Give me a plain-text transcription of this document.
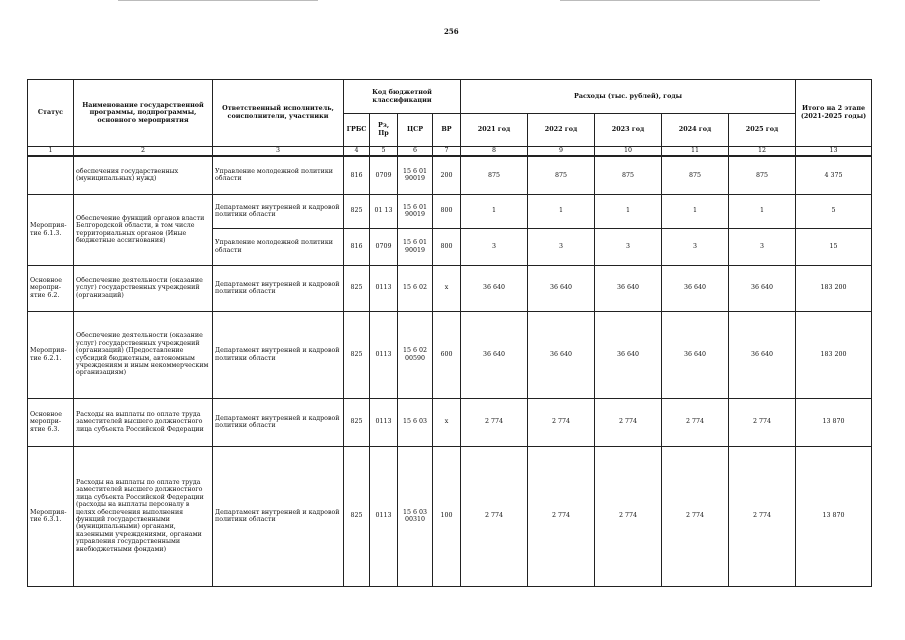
256
Статус	Наименование государственной программы, подпрограммы, основного мероприятия	Ответственный исполнитель, соисполнители, участники	Код бюджетной классификации				Расходы (тыс. рублей), годы					Итого на 2 этапе (2021-2025 годы)
			ГРБС	Рз, Пр	ЦСР	ВР	2021 год	2022 год	2023 год	2024 год	2025 год	
1	2	3	4	5	6	7	8	9	10	11	12	13
	обеспечения государственных (муниципальных) нужд)	Управление молодежной политики области	816	0709	15 6 01 90019	200	875	875	875	875	875	4 375
Мероприя-тие 6.1.3.	Обеспечение функций органов власти Белгородской области, в том числе территориальных органов (Иные бюджетные ассигнования)	Департамент внутренней и кадровой политики области	825	01 13	15 6 01 90019	800	1	1	1	1	1	5
		Управление молодежной политики области	816	0709	15 6 01 90019	800	3	3	3	3	3	15
Основное меропри-ятие 6.2.	Обеспечение деятельности (оказание услуг) государственных учреждений (организаций)	Департамент внутренней и кадровой политики области	825	0113	15 6 02	х	36 640	36 640	36 640	36 640	36 640	183 200
Мероприя-тие 6.2.1.	Обеспечение деятельности (оказание услуг) государственных учреждений (организаций) (Предоставление субсидий бюджетным, автономным учреждениям и иным некоммерческим организациям)	Департамент внутренней и кадровой политики области	825	0113	15 6 02 00590	600	36 640	36 640	36 640	36 640	36 640	183 200
Основное меропри-ятие 6.3.	Расходы на выплаты по оплате труда заместителей высшего должностного лица субъекта Российской Федерации	Департамент внутренней и кадровой политики области	825	0113	15 6 03	х	2 774	2 774	2 774	2 774	2 774	13 870
Мероприя-тие 6.3.1.	Расходы на выплаты по оплате труда заместителей высшего должностного лица субъекта Российской Федерации (расходы на выплаты персоналу в целях обеспечения выполнения функций государственными (муниципальными) органами, казенными учреждениями, органами управления государственными внебюджетными фондами)	Департамент внутренней и кадровой политики области	825	0113	15 6 03 00310	100	2 774	2 774	2 774	2 774	2 774	13 870
